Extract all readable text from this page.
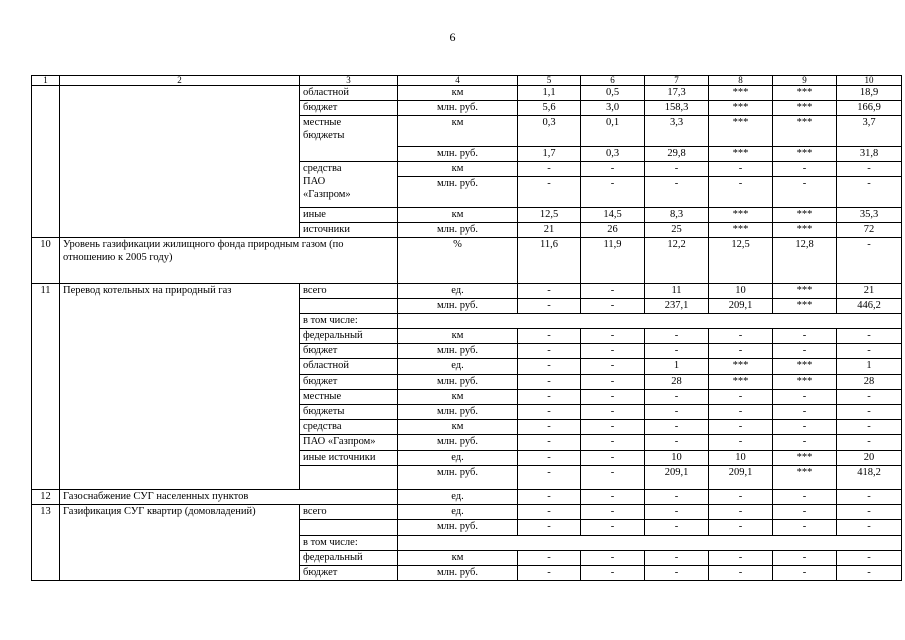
6
1	2	3	4	5	6	7	8	9	10

		областной	км	1,1	0,5	17,3	***	***	18,9

		бюджет	млн. руб.	5,6	3,0	158,3	***	***	166,9

		местные
бюджеты	км	0,3	0,1	3,3	***	***	3,7
			млн. руб.	1,7	0,3	29,8	***	***	31,8

		средства
ПАО
«Газпром»	км	-	-	-	-	-	-
			млн. руб.	-	-	-	-	-	-

		иные	км	12,5	14,5	8,3	***	***	35,3

		источники	млн. руб.	21	26	25	***	***	72
10	Уровень газификации жилищного фонда природным газом (по отношению к 2005 году)		%	11,6	11,9	12,2	12,5	12,8	-
11	Перевод котельных на природный газ	всего	ед.	-	-	11	10	***	21
			млн. руб.	-	-	237,1	209,1	***	446,2

		в том числе:							

		федеральный	км	-	-	-	-	-	-

		бюджет	млн. руб.	-	-	-	-	-	-

		областной	ед.	-	-	1	***	***	1

		бюджет	млн. руб.	-	-	28	***	***	28

		местные	км	-	-	-	-	-	-

		бюджеты	млн. руб.	-	-	-	-	-	-

		средства	км	-	-	-	-	-	-

		ПАО «Газпром»	млн. руб.	-	-	-	-	-	-

		иные источники	ед.	-	-	10	10	***	20
			млн. руб.	-	-	209,1	209,1	***	418,2
12	Газоснабжение СУГ населенных пунктов		ед.	-	-	-	-	-	-
13	Газификация СУГ квартир (домовладений)	всего	ед.	-	-	-	-	-	-
			млн. руб.	-	-	-	-	-	-

		в том числе:							

		федеральный	км	-	-	-	-	-	-

		бюджет	млн. руб.	-	-	-	-	-	-
